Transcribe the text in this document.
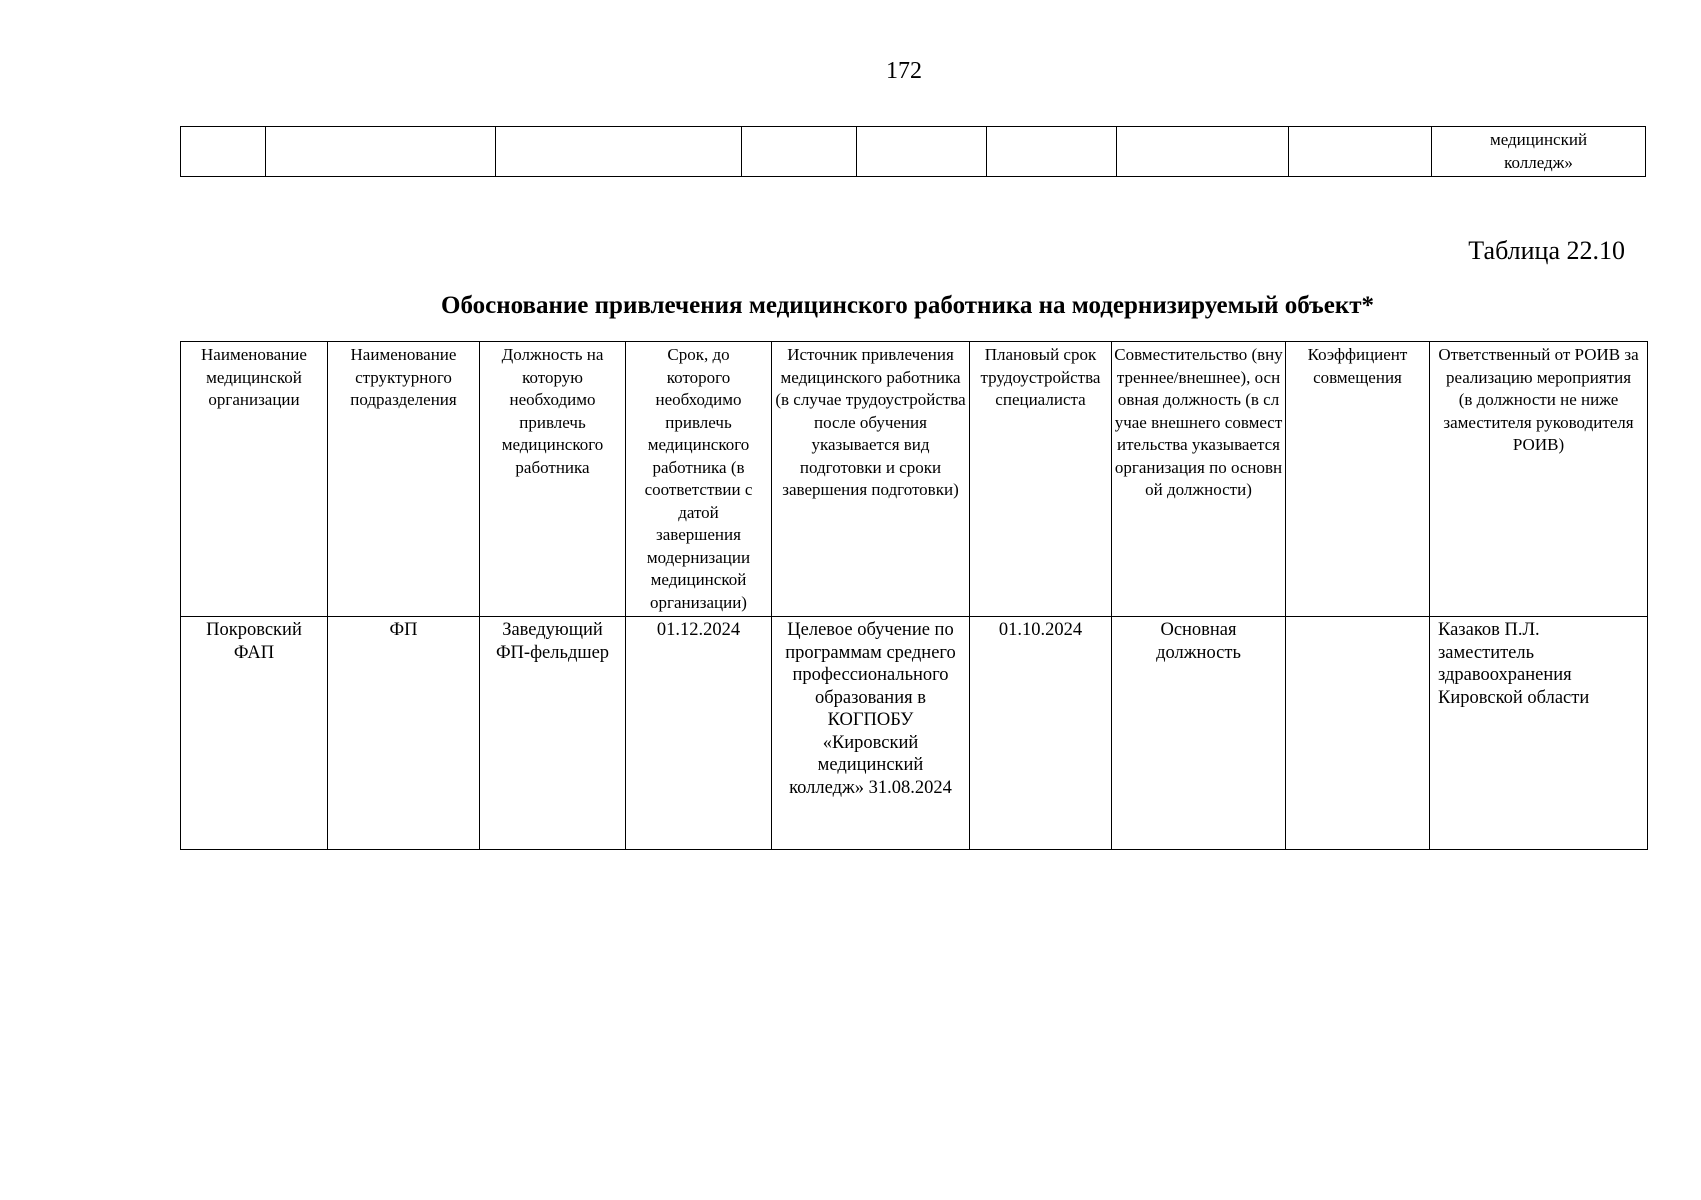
172
								медицинский колледж»
Таблица 22.10
Обоснование привлечения медицинского работника на модернизируемый объект*
Наименование медицинской организации	Наименование структурного подразделения	Должность на которую необходимо привлечь медицинского работника	Срок, до которого необходимо привлечь медицинского работника (в соответствии с датой завершения модернизации медицинской организации)	Источник привлечения медицинского работника (в случае трудоустройства после обучения указывается вид подготовки и сроки завершения подготовки)	Плановый срок трудоустройства специалиста	Совместительство (внутреннее/внешнее), основная должность (в случае внешнего совместительства указывается организация по основной должности)	Коэффициент совмещения	Ответственный от РОИВ за реализацию мероприятия (в должности не ниже заместителя руководителя РОИВ)
Покровский ФАП	ФП	Заведующий ФП-фельдшер	01.12.2024	Целевое обучение по программам среднего профессионального образования в КОГПОБУ «Кировский медицинский колледж» 31.08.2024	01.10.2024	Основная должность		Казаков П.Л. заместитель здравоохранения Кировской области
